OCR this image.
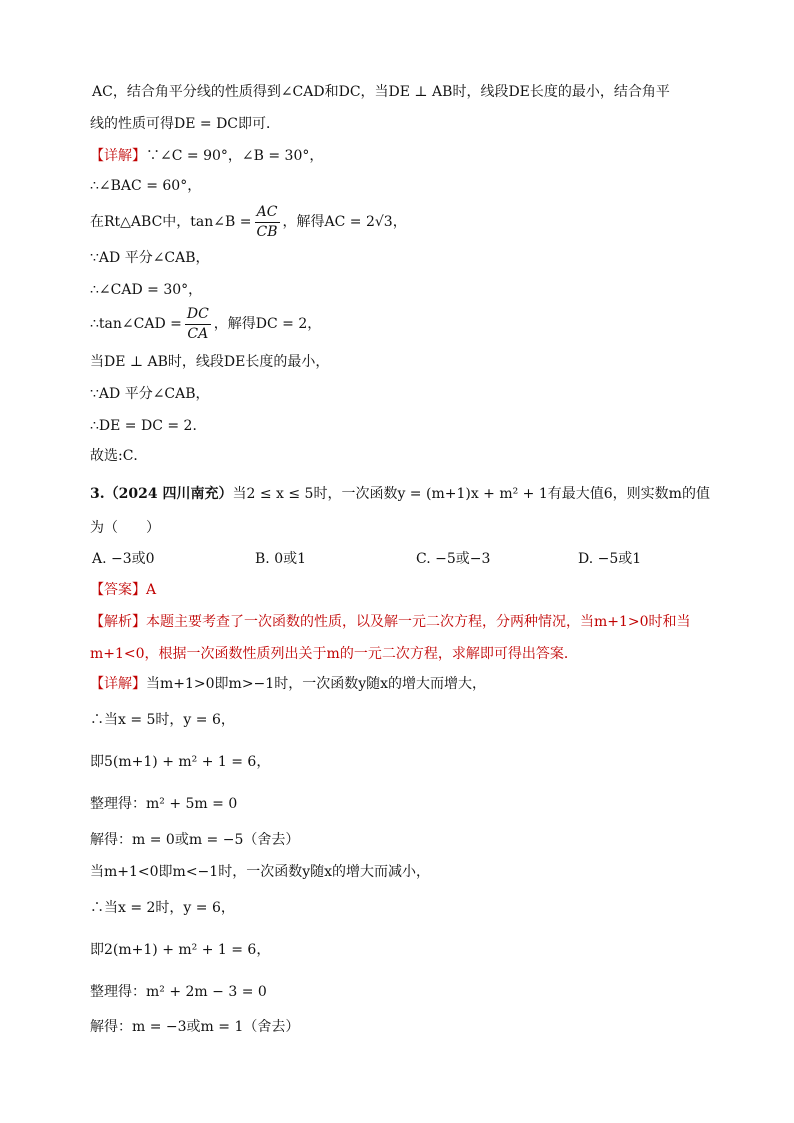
AC，结合角平分线的性质得到∠CAD和DC，当DE ⊥ AB时，线段DE长度的最小，结合角平
线的性质可得DE = DC即可．
【详解】∵∠C = 90°，∠B = 30°，
∴∠BAC = 60°，
在Rt△ABC中，tan∠B = $\frac{AC}{CB}$ ，解得AC = 2√3，
∵AD 平分∠CAB，
∴∠CAD = 30°，
∴tan∠CAD = $\frac{DC}{CA}$ ，解得DC = 2，
当DE ⊥ AB时，线段DE长度的最小，
∵AD 平分∠CAB，
∴DE = DC = 2．
故选:C．
3.（2024 四川南充）当2 ≤ x ≤ 5时，一次函数y = (m+1)x + m² + 1有最大值6，则实数m的值
为（　　）
A. −3或0	B. 0或1	C. −5或−3	D. −5或1
【答案】A
【解析】本题主要考查了一次函数的性质，以及解一元二次方程，分两种情况，当m+1>0时和当
m+1<0，根据一次函数性质列出关于m的一元二次方程，求解即可得出答案．
【详解】当m+1>0即m>−1时，一次函数y随x的增大而增大，
∴当x = 5时，y = 6，
即5(m+1) + m² + 1 = 6，
整理得：m² + 5m = 0
解得：m = 0或m = −5（舍去）
当m+1<0即m<−1时，一次函数y随x的增大而减小，
∴当x = 2时，y = 6，
即2(m+1) + m² + 1 = 6，
整理得：m² + 2m − 3 = 0
解得：m = −3或m = 1（舍去）
